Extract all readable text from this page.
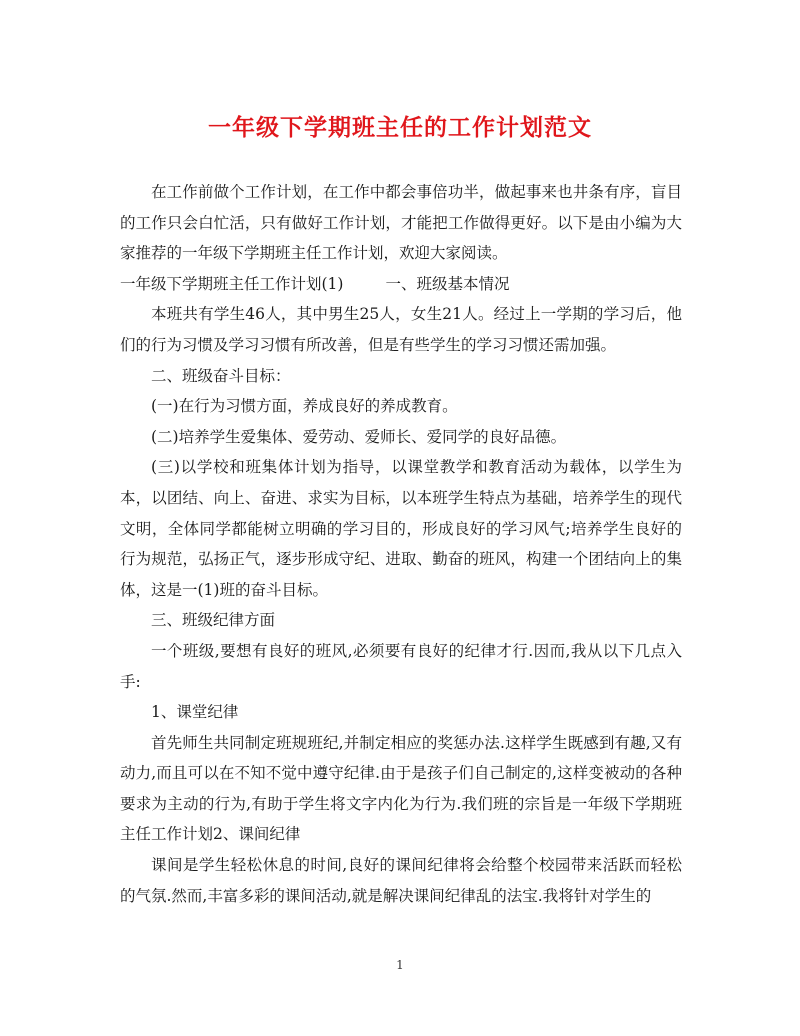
一年级下学期班主任的工作计划范文

在工作前做个工作计划，在工作中都会事倍功半，做起事来也井条有序，盲目的工作只会白忙活，只有做好工作计划，才能把工作做得更好。以下是由小编为大家推荐的一年级下学期班主任工作计划，欢迎大家阅读。

一年级下学期班主任工作计划(1)	一、班级基本情况

本班共有学生46人，其中男生25人，女生21人。经过上一学期的学习后，他们的行为习惯及学习习惯有所改善，但是有些学生的学习习惯还需加强。

二、班级奋斗目标：

(一)在行为习惯方面，养成良好的养成教育。

(二)培养学生爱集体、爱劳动、爱师长、爱同学的良好品德。

(三)以学校和班集体计划为指导，以课堂教学和教育活动为载体，以学生为本，以团结、向上、奋进、求实为目标，以本班学生特点为基础，培养学生的现代文明，全体同学都能树立明确的学习目的，形成良好的学习风气;培养学生良好的行为规范，弘扬正气，逐步形成守纪、进取、勤奋的班风，构建一个团结向上的集体，这是一(1)班的奋斗目标。

三、班级纪律方面

一个班级,要想有良好的班风,必须要有良好的纪律才行.因而,我从以下几点入手:

1、课堂纪律

首先师生共同制定班规班纪,并制定相应的奖惩办法.这样学生既感到有趣,又有动力,而且可以在不知不觉中遵守纪律.由于是孩子们自己制定的,这样变被动的各种要求为主动的行为,有助于学生将文字内化为行为.我们班的宗旨是一年级下学期班主任工作计划2、课间纪律

课间是学生轻松休息的时间,良好的课间纪律将会给整个校园带来活跃而轻松的气氛.然而,丰富多彩的课间活动,就是解决课间纪律乱的法宝.我将针对学生的

1
